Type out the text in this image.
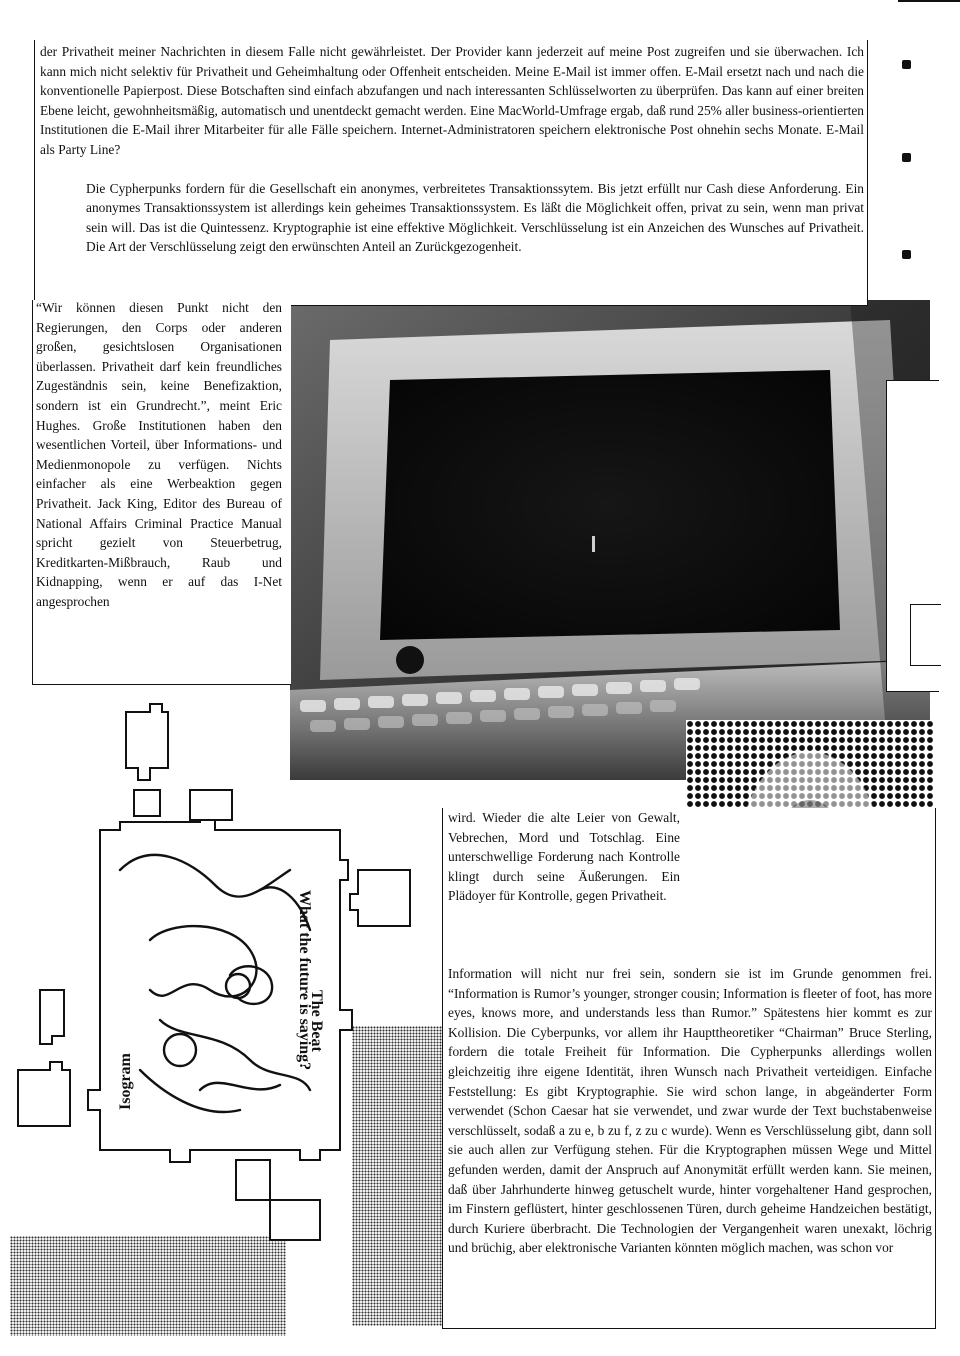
der Privatheit meiner Nachrichten in diesem Falle nicht gewährleistet. Der Provider kann jederzeit auf meine Post zugreifen und sie überwachen. Ich kann mich nicht selektiv für Privatheit und Geheimhaltung oder Offenheit entscheiden. Meine E-Mail ist immer offen. E-Mail ersetzt nach und nach die konventionelle Papierpost. Diese Botschaften sind einfach abzufangen und nach interessanten Schlüsselworten zu überprüfen. Das kann auf einer breiten Ebene leicht, gewohnheitsmäßig, automatisch und unentdeckt gemacht werden. Eine MacWorld-Umfrage ergab, daß rund 25% aller business-orientierten Institutionen die E-Mail ihrer Mitarbeiter für alle Fälle speichern. Internet-Administratoren speichern elektronische Post ohnehin sechs Monate. E-Mail als Party Line?

Die Cypherpunks fordern für die Gesellschaft ein anonymes, verbreitetes Transaktionssytem. Bis jetzt erfüllt nur Cash diese Anforderung. Ein anonymes Transaktionssystem ist allerdings kein geheimes Transaktionssystem. Es läßt die Möglichkeit offen, privat zu sein, wenn man privat sein will. Das ist die Quintessenz. Kryptographie ist eine effektive Möglichkeit. Verschlüsselung ist ein Anzeichen des Wunsches auf Privatheit. Die Art der Verschlüsselung zeigt den erwünschten Anteil an Zurückgezogenheit.

“Wir können diesen Punkt nicht den Regierungen, den Corps oder anderen großen, gesichtslosen Organisationen überlassen. Privatheit darf kein freundliches Zugeständnis sein, keine Benefizaktion, sondern ist ein Grundrecht.”, meint Eric Hughes. Große Institutionen haben den wesentlichen Vorteil, über Informations- und Medienmonopole zu verfügen. Nichts einfacher als eine Werbeaktion gegen Privatheit. Jack King, Editor des Bureau of National Affairs Criminal Practice Manual spricht gezielt von Steuerbetrug, Kreditkarten-Mißbrauch, Raub und Kidnapping, wenn er auf das I-Net angesprochen

What the future is saying?
Isogram
The Beat

wird. Wieder die alte Leier von Gewalt, Vebrechen, Mord und Totschlag. Eine unterschwellige Forderung nach Kontrolle klingt durch seine Äußerungen. Ein Plädoyer für Kontrolle, gegen Privatheit.

Information will nicht nur frei sein, sondern sie ist im Grunde genommen frei. “Information is Rumor’s younger, stronger cousin; Information is fleeter of foot, has more eyes, knows more, and understands less than Rumor.” Spätestens hier kommt es zur Kollision. Die Cyberpunks, vor allem ihr Haupttheoretiker “Chairman” Bruce Sterling, fordern die totale Freiheit für Information. Die Cypherpunks allerdings wollen gleichzeitig ihre eigene Identität, ihren Wunsch nach Privatheit verteidigen. Einfache Feststellung: Es gibt Kryptographie. Sie wird schon lange, in abgeänderter Form verwendet (Schon Caesar hat sie verwendet, und zwar wurde der Text buchstabenweise verschlüsselt, sodaß a zu e, b zu f, z zu c wurde). Wenn es Verschlüsselung gibt, dann soll sie auch allen zur Verfügung stehen. Für die Kryptographen müssen Wege und Mittel gefunden werden, damit der Anspruch auf Anonymität erfüllt werden kann. Sie meinen, daß über Jahrhunderte hinweg getuschelt wurde, hinter vorgehaltener Hand gesprochen, im Finstern geflüstert, hinter geschlossenen Türen, durch geheime Handzeichen bestätigt, durch Kuriere überbracht. Die Technologien der Vergangenheit waren unexakt, löchrig und brüchig, aber elektronische Varianten könnten möglich machen, was schon vor
